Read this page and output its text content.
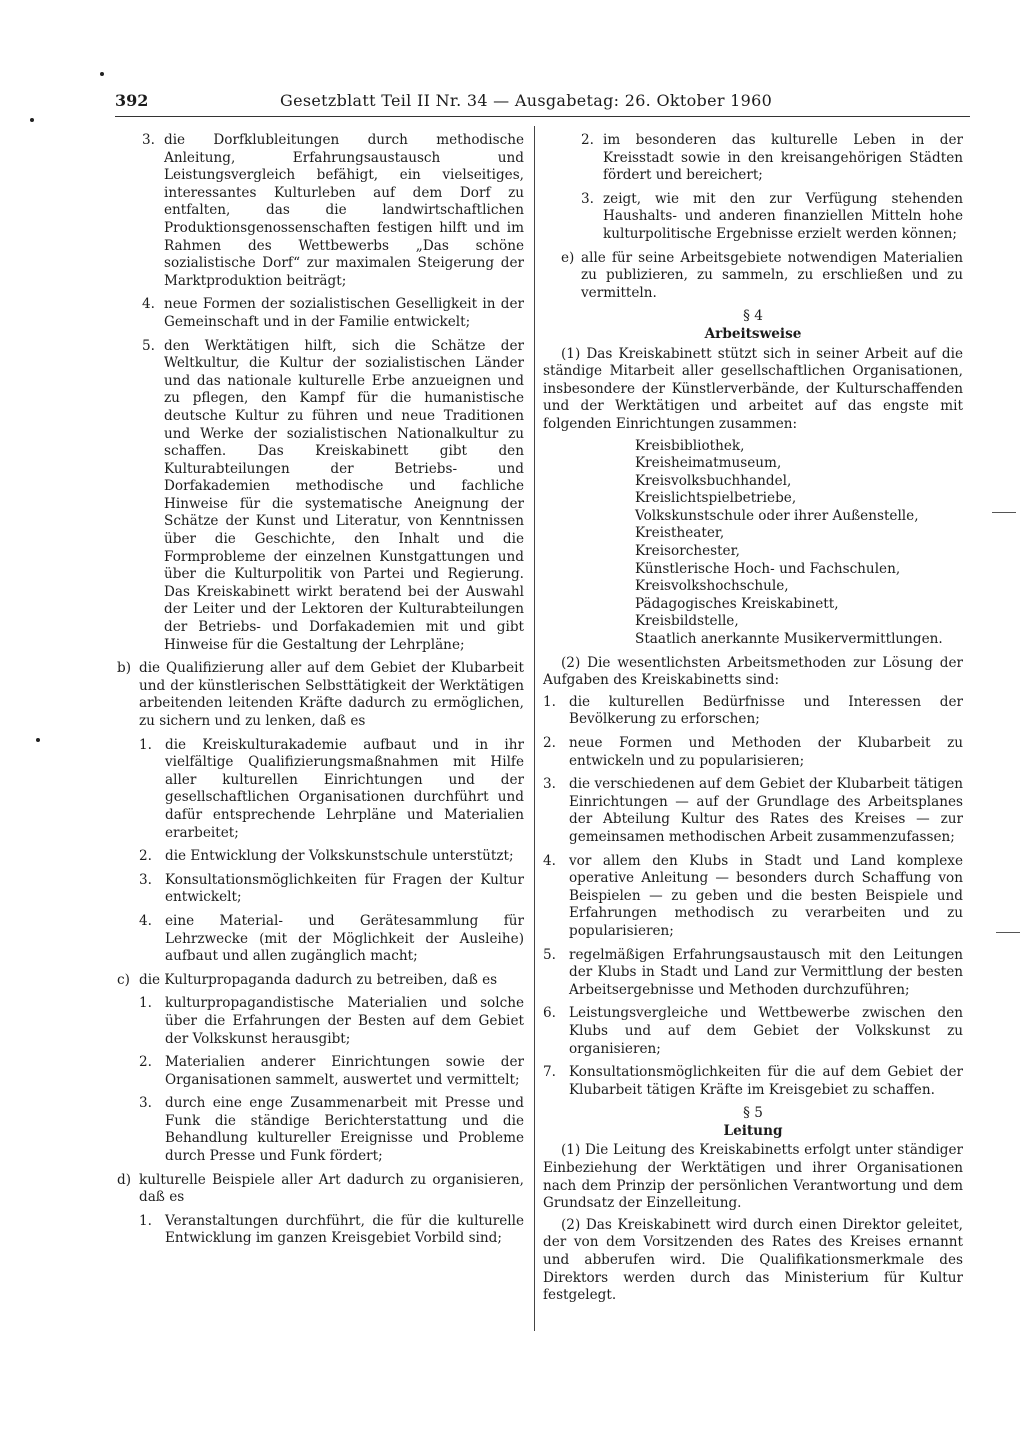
392	Gesetzblatt Teil II Nr. 34 — Ausgabetag: 26. Oktober 1960
3. die Dorfklubleitungen durch methodische Anleitung, Erfahrungsaustausch und Leistungsvergleich befähigt, ein vielseitiges, interessantes Kulturleben auf dem Dorf zu entfalten, das die landwirtschaftlichen Produktionsgenossenschaften festigen hilft und im Rahmen des Wettbewerbs „Das schöne sozialistische Dorf“ zur maximalen Steigerung der Marktproduktion beiträgt;
4. neue Formen der sozialistischen Geselligkeit in der Gemeinschaft und in der Familie entwickelt;
5. den Werktätigen hilft, sich die Schätze der Weltkultur, die Kultur der sozialistischen Länder und das nationale kulturelle Erbe anzueignen und zu pflegen, den Kampf für die humanistische deutsche Kultur zu führen und neue Traditionen und Werke der sozialistischen Nationalkultur zu schaffen. Das Kreiskabinett gibt den Kulturabteilungen der Betriebs- und Dorfakademien methodische und fachliche Hinweise für die systematische Aneignung der Schätze der Kunst und Literatur, von Kenntnissen über die Geschichte, den Inhalt und die Formprobleme der einzelnen Kunstgattungen und über die Kulturpolitik von Partei und Regierung. Das Kreiskabinett wirkt beratend bei der Auswahl der Leiter und der Lektoren der Kulturabteilungen der Betriebs- und Dorfakademien mit und gibt Hinweise für die Gestaltung der Lehrpläne;
b) die Qualifizierung aller auf dem Gebiet der Klubarbeit und der künstlerischen Selbsttätigkeit der Werktätigen arbeitenden leitenden Kräfte dadurch zu ermöglichen, zu sichern und zu lenken, daß es
1. die Kreiskulturakademie aufbaut und in ihr vielfältige Qualifizierungsmaßnahmen mit Hilfe aller kulturellen Einrichtungen und der gesellschaftlichen Organisationen durchführt und dafür entsprechende Lehrpläne und Materialien erarbeitet;
2. die Entwicklung der Volkskunstschule unterstützt;
3. Konsultationsmöglichkeiten für Fragen der Kultur entwickelt;
4. eine Material- und Gerätesammlung für Lehrzwecke (mit der Möglichkeit der Ausleihe) aufbaut und allen zugänglich macht;
c) die Kulturpropaganda dadurch zu betreiben, daß es
1. kulturpropagandistische Materialien und solche über die Erfahrungen der Besten auf dem Gebiet der Volkskunst herausgibt;
2. Materialien anderer Einrichtungen sowie der Organisationen sammelt, auswertet und vermittelt;
3. durch eine enge Zusammenarbeit mit Presse und Funk die ständige Berichterstattung und die Behandlung kultureller Ereignisse und Probleme durch Presse und Funk fördert;
d) kulturelle Beispiele aller Art dadurch zu organisieren, daß es
1. Veranstaltungen durchführt, die für die kulturelle Entwicklung im ganzen Kreisgebiet Vorbild sind;
2. im besonderen das kulturelle Leben in der Kreisstadt sowie in den kreisangehörigen Städten fördert und bereichert;
3. zeigt, wie mit den zur Verfügung stehenden Haushalts- und anderen finanziellen Mitteln hohe kulturpolitische Ergebnisse erzielt werden können;
e) alle für seine Arbeitsgebiete notwendigen Materialien zu publizieren, zu sammeln, zu erschließen und zu vermitteln.
§ 4
Arbeitsweise
(1) Das Kreiskabinett stützt sich in seiner Arbeit auf die ständige Mitarbeit aller gesellschaftlichen Organisationen, insbesondere der Künstlerverbände, der Kulturschaffenden und der Werktätigen und arbeitet auf das engste mit folgenden Einrichtungen zusammen:
Kreisbibliothek,
Kreisheimatmuseum,
Kreisvolksbuchhandel,
Kreislichtspielbetriebe,
Volkskunstschule oder ihrer Außenstelle,
Kreistheater,
Kreisorchester,
Künstlerische Hoch- und Fachschulen,
Kreisvolkshochschule,
Pädagogisches Kreiskabinett,
Kreisbildstelle,
Staatlich anerkannte Musikervermittlungen.
(2) Die wesentlichsten Arbeitsmethoden zur Lösung der Aufgaben des Kreiskabinetts sind:
1. die kulturellen Bedürfnisse und Interessen der Bevölkerung zu erforschen;
2. neue Formen und Methoden der Klubarbeit zu entwickeln und zu popularisieren;
3. die verschiedenen auf dem Gebiet der Klubarbeit tätigen Einrichtungen — auf der Grundlage des Arbeitsplanes der Abteilung Kultur des Rates des Kreises — zur gemeinsamen methodischen Arbeit zusammenzufassen;
4. vor allem den Klubs in Stadt und Land komplexe operative Anleitung — besonders durch Schaffung von Beispielen — zu geben und die besten Beispiele und Erfahrungen methodisch zu verarbeiten und zu popularisieren;
5. regelmäßigen Erfahrungsaustausch mit den Leitungen der Klubs in Stadt und Land zur Vermittlung der besten Arbeitsergebnisse und Methoden durchzuführen;
6. Leistungsvergleiche und Wettbewerbe zwischen den Klubs und auf dem Gebiet der Volkskunst zu organisieren;
7. Konsultationsmöglichkeiten für die auf dem Gebiet der Klubarbeit tätigen Kräfte im Kreisgebiet zu schaffen.
§ 5
Leitung
(1) Die Leitung des Kreiskabinetts erfolgt unter ständiger Einbeziehung der Werktätigen und ihrer Organisationen nach dem Prinzip der persönlichen Verantwortung und dem Grundsatz der Einzelleitung.
(2) Das Kreiskabinett wird durch einen Direktor geleitet, der von dem Vorsitzenden des Rates des Kreises ernannt und abberufen wird. Die Qualifikationsmerkmale des Direktors werden durch das Ministerium für Kultur festgelegt.
